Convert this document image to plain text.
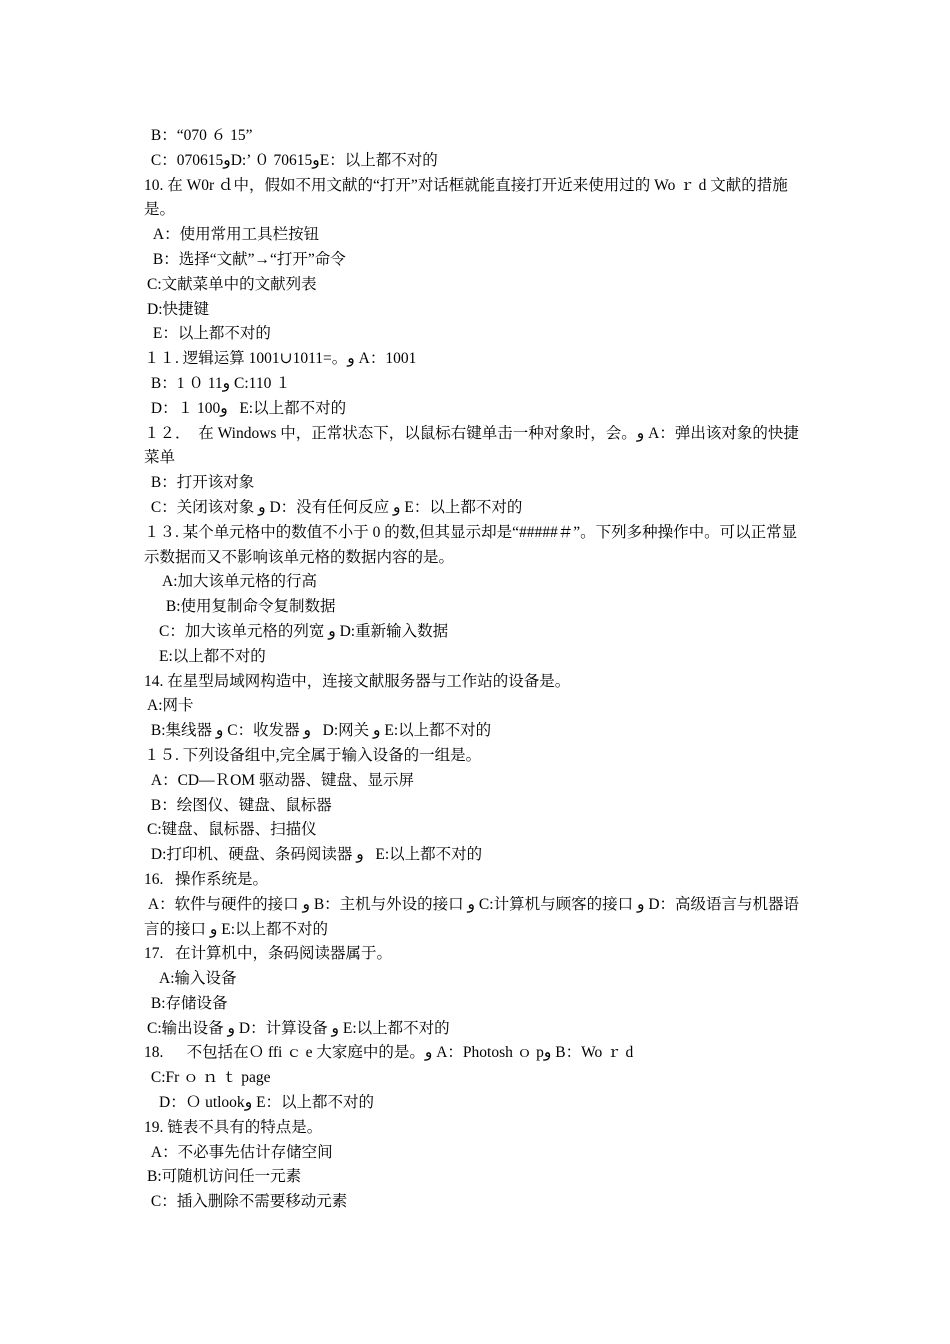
B：“070 ６ 15”
C：070615وD:’ ０ 70615وE：以上都不对的
10. 在 W0r ｄ中，假如不用文献的“打开”对话框就能直接打开近来使用过的 Wo ｒ d 文献的措施是。
A：使用常用工具栏按钮
B：选择“文献”→“打开”命令
C:文献菜单中的文献列表
D:快捷键
E：以上都不对的
１１. 逻辑运算 1001∪1011=。و A：1001
B：1 ０ 11و C:110 １
D：１ 100و   E:以上都不对的
１２．  在 Windows 中，正常状态下，以鼠标右键单击一种对象时，会。و A：弹出该对象的快捷菜单
B：打开该对象
C：关闭该对象 و D：没有任何反应 و E：以上都不对的
１３. 某个单元格中的数值不小于 0 的数,但其显示却是“#####＃”。下列多种操作中。可以正常显示数据而又不影响该单元格的数据内容的是。
A:加大该单元格的行高
B:使用复制命令复制数据
C：加大该单元格的列宽 و D:重新输入数据
E:以上都不对的
14. 在星型局域网构造中，连接文献服务器与工作站的设备是。
A:网卡
B:集线器 و C：收发器 و   D:网关 و E:以上都不对的
１５. 下列设备组中,完全属于输入设备的一组是。
A：CD—ＲOM 驱动器、键盘、显示屏
B：绘图仪、键盘、鼠标器
C:键盘、鼠标器、扫描仪
D:打印机、硬盘、条码阅读器 و   E:以上都不对的
16.   操作系统是。
A：软件与硬件的接口 و B：主机与外设的接口 و C:计算机与顾客的接口 و D：高级语言与机器语言的接口 و E:以上都不对的
17.   在计算机中，条码阅读器属于。
A:输入设备
B:存储设备
C:输出设备 و D：计算设备 و E:以上都不对的
18.      不包括在Ｏ ffi ｃ e 大家庭中的是。و A：Photosh ｏ pو B：Wo ｒ d
C:Fr ｏ ｎ ｔ page
D：Ｏ utlookو E：以上都不对的
19. 链表不具有的特点是。
A：不必事先估计存储空间
B:可随机访问任一元素
C：插入删除不需要移动元素
